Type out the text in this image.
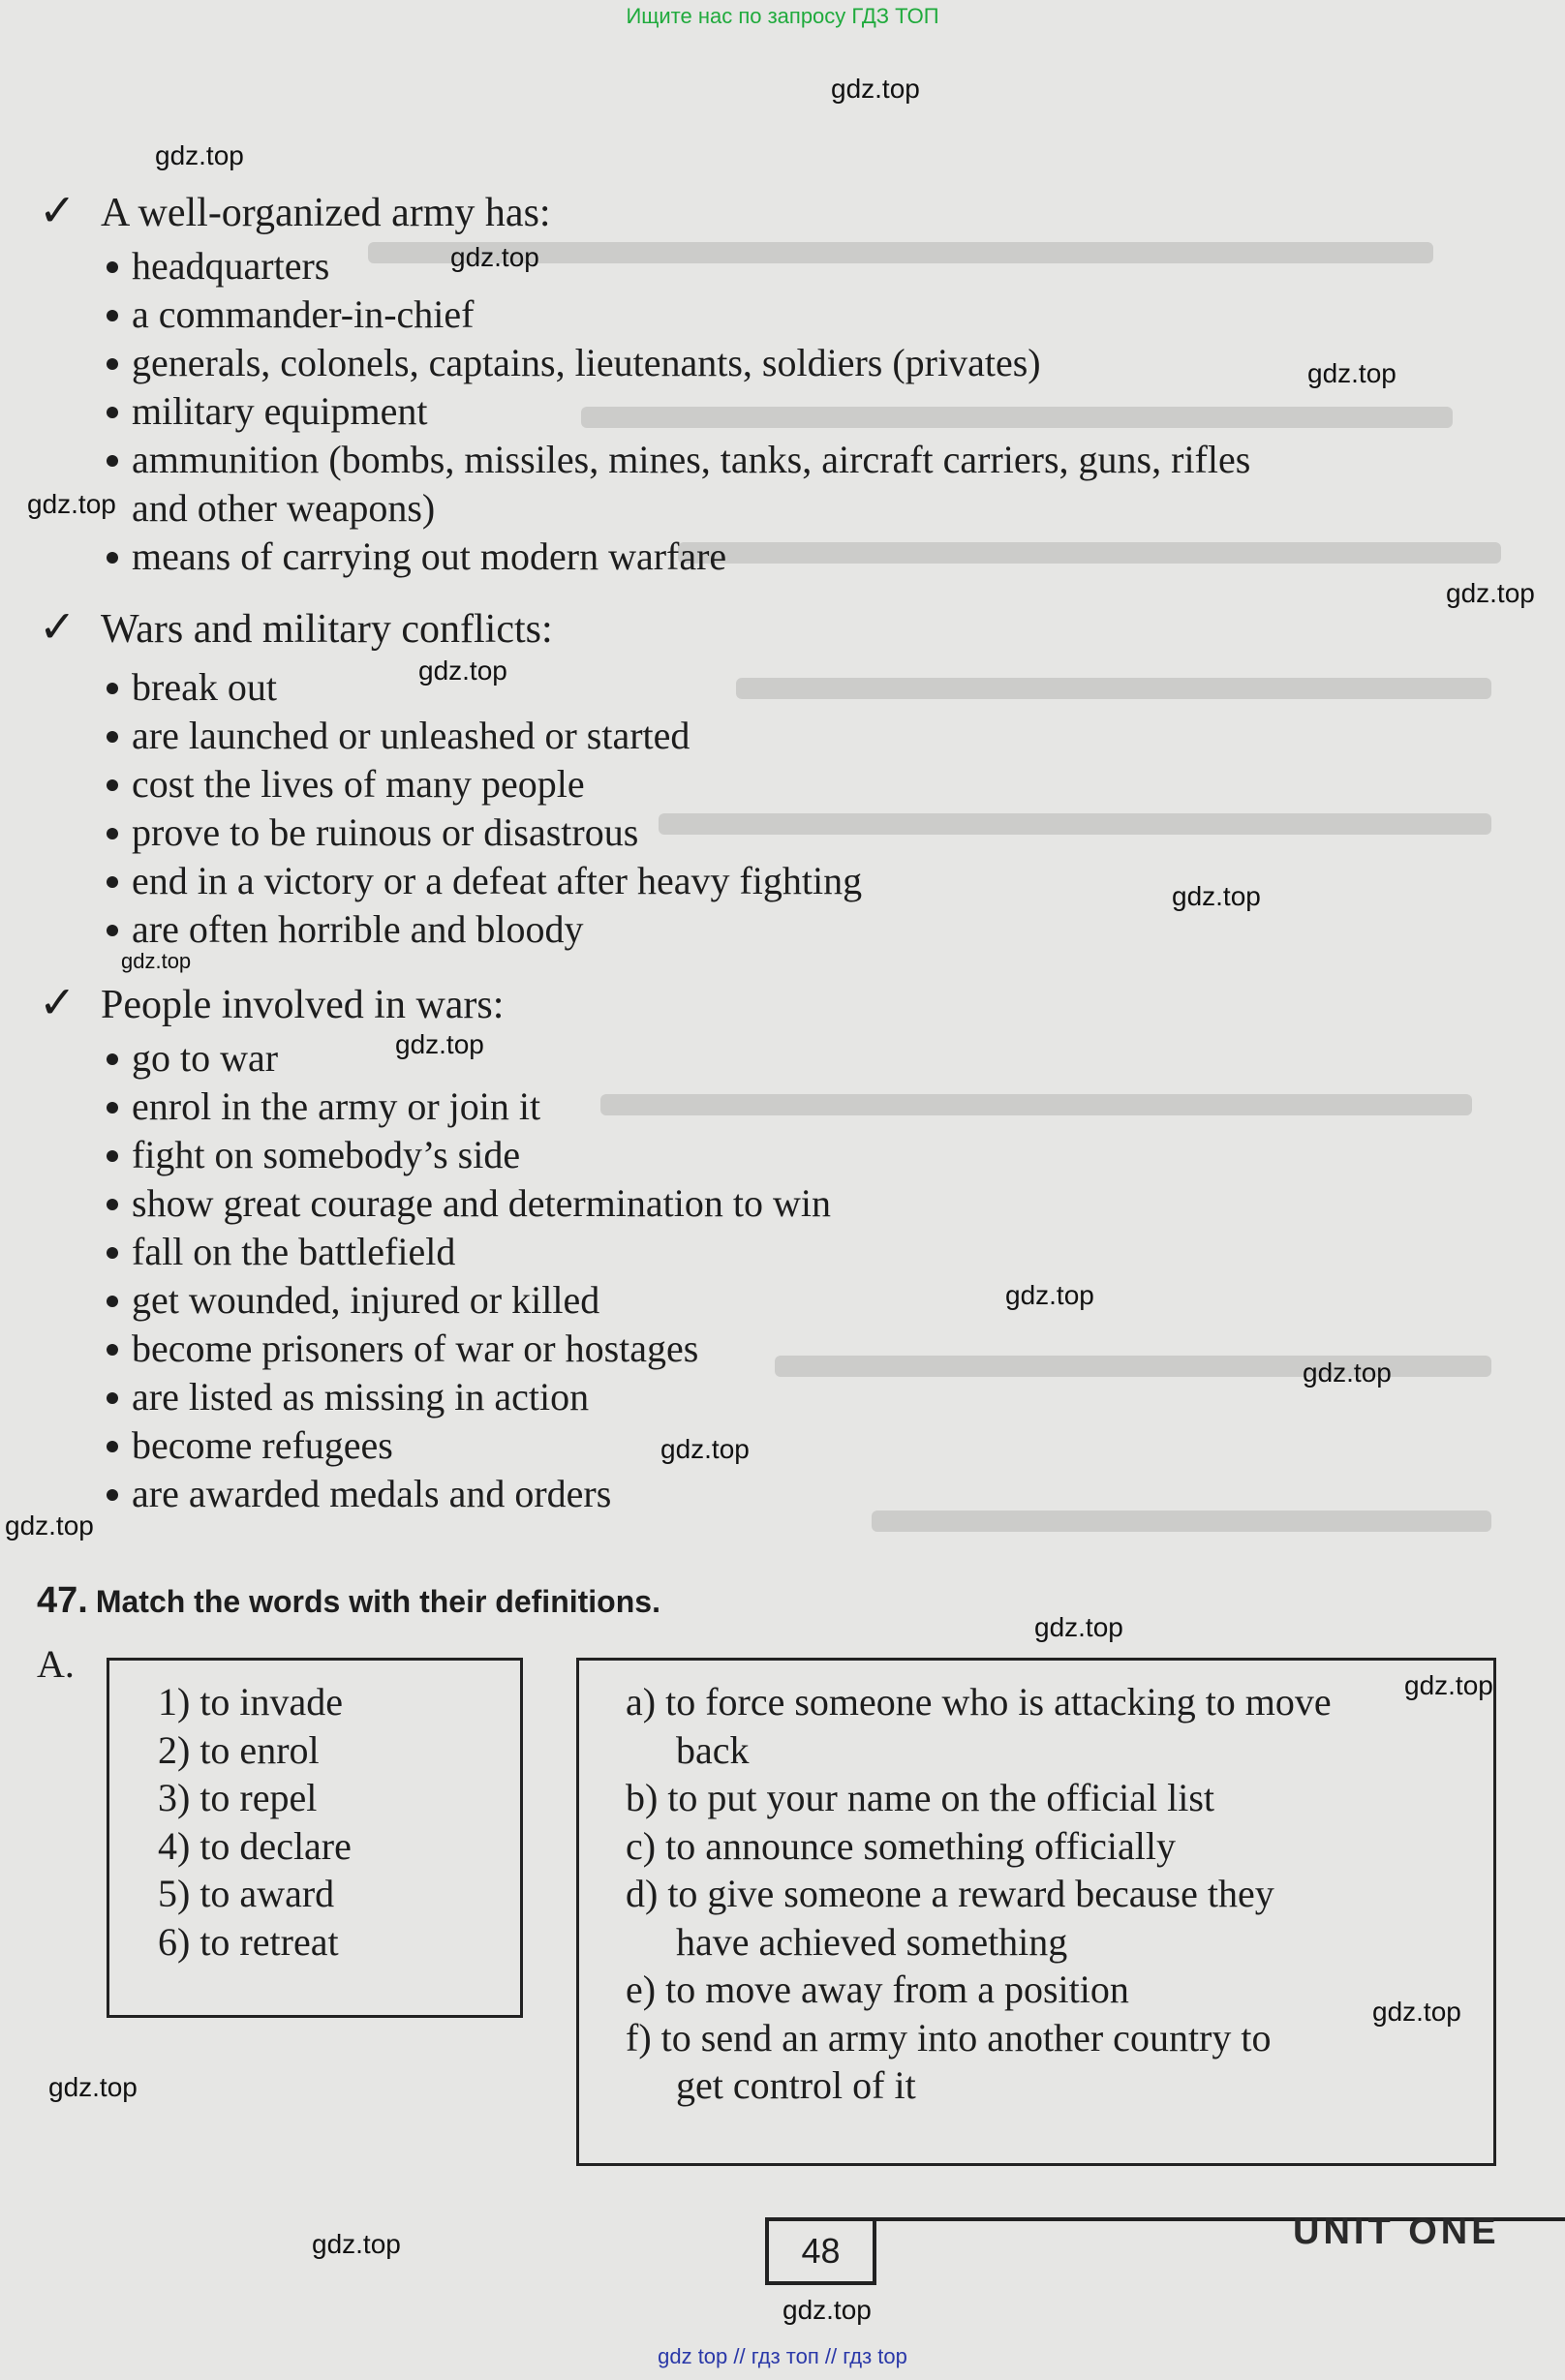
Ищите нас по запросу ГДЗ ТОП
✓ A well-organized army has:
headquarters
a commander-in-chief
generals, colonels, captains, lieutenants, soldiers (privates)
military equipment
ammunition (bombs, missiles, mines, tanks, aircraft carriers, guns, rifles
and other weapons)
means of carrying out modern warfare
✓ Wars and military conflicts:
break out
are launched or unleashed or started
cost the lives of many people
prove to be ruinous or disastrous
end in a victory or a defeat after heavy fighting
are often horrible and bloody
✓ People involved in wars:
go to war
enrol in the army or join it
fight on somebody’s side
show great courage and determination to win
fall on the battlefield
get wounded, injured or killed
become prisoners of war or hostages
are listed as missing in action
become refugees
are awarded medals and orders
47. Match the words with their definitions.
A.
1) to invade
2) to enrol
3) to repel
4) to declare
5) to award
6) to retreat
a) to force someone who is attacking to move
back
b) to put your name on the official list
c) to announce something officially
d) to give someone a reward because they
have achieved something
e) to move away from a position
f) to send an army into another country to
get control of it
48	UNIT ONE
gdz.top
gdz.top
gdz.top
gdz.top
gdz.top
gdz.top
gdz.top
gdz.top
gdz.top
gdz.top
gdz.top
gdz.top
gdz.top
gdz.top
gdz.top
gdz.top
gdz.top
gdz.top
gdz.top
gdz.top
gdz top // гдз топ // гдз top
